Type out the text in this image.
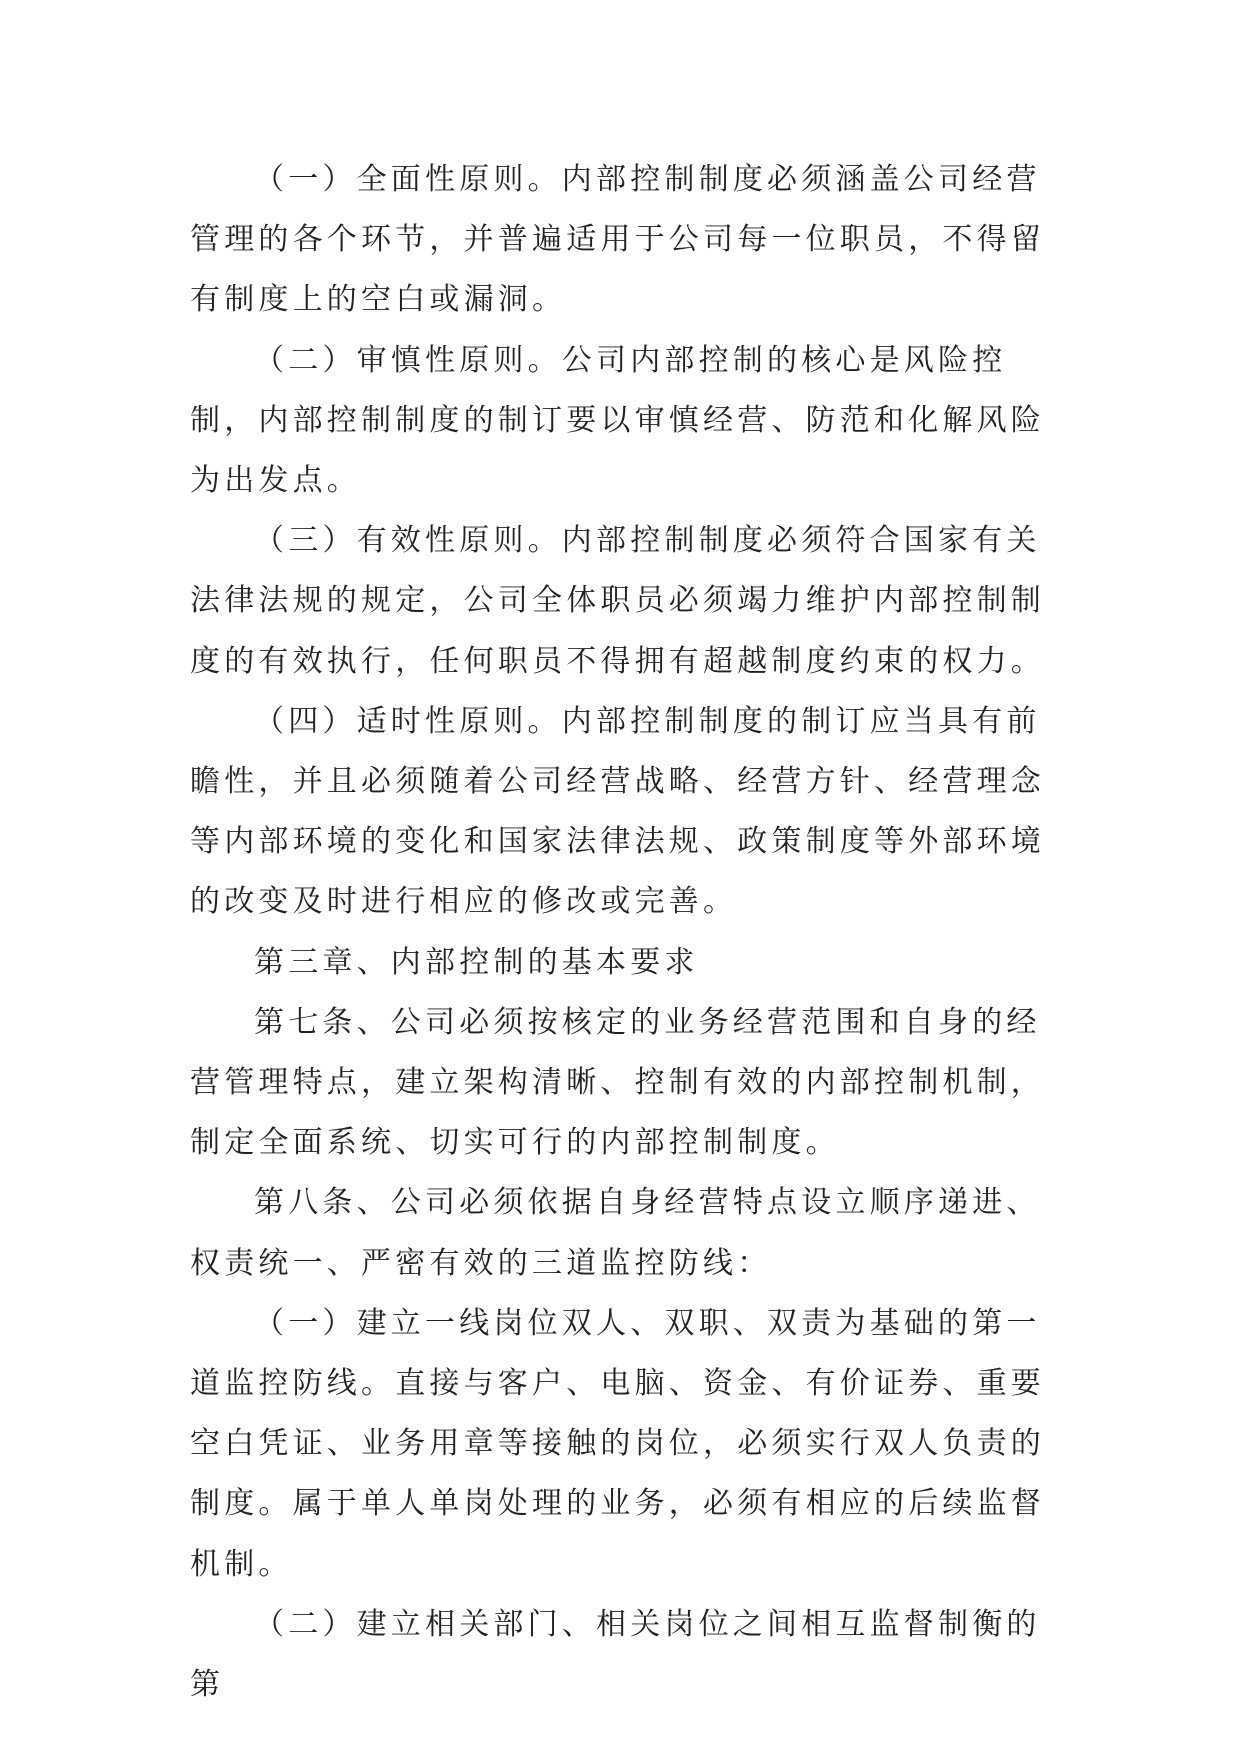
（一）全面性原则。内部控制制度必须涵盖公司经营管理的各个环节，并普遍适用于公司每一位职员，不得留有制度上的空白或漏洞。

（二）审慎性原则。公司内部控制的核心是风险控制，内部控制制度的制订要以审慎经营、防范和化解风险为出发点。

（三）有效性原则。内部控制制度必须符合国家有关法律法规的规定，公司全体职员必须竭力维护内部控制制度的有效执行，任何职员不得拥有超越制度约束的权力。

（四）适时性原则。内部控制制度的制订应当具有前瞻性，并且必须随着公司经营战略、经营方针、经营理念等内部环境的变化和国家法律法规、政策制度等外部环境的改变及时进行相应的修改或完善。

第三章、内部控制的基本要求

第七条、公司必须按核定的业务经营范围和自身的经营管理特点，建立架构清晰、控制有效的内部控制机制，制定全面系统、切实可行的内部控制制度。

第八条、公司必须依据自身经营特点设立顺序递进、权责统一、严密有效的三道监控防线：

（一）建立一线岗位双人、双职、双责为基础的第一道监控防线。直接与客户、电脑、资金、有价证券、重要空白凭证、业务用章等接触的岗位，必须实行双人负责的制度。属于单人单岗处理的业务，必须有相应的后续监督机制。

（二）建立相关部门、相关岗位之间相互监督制衡的第
